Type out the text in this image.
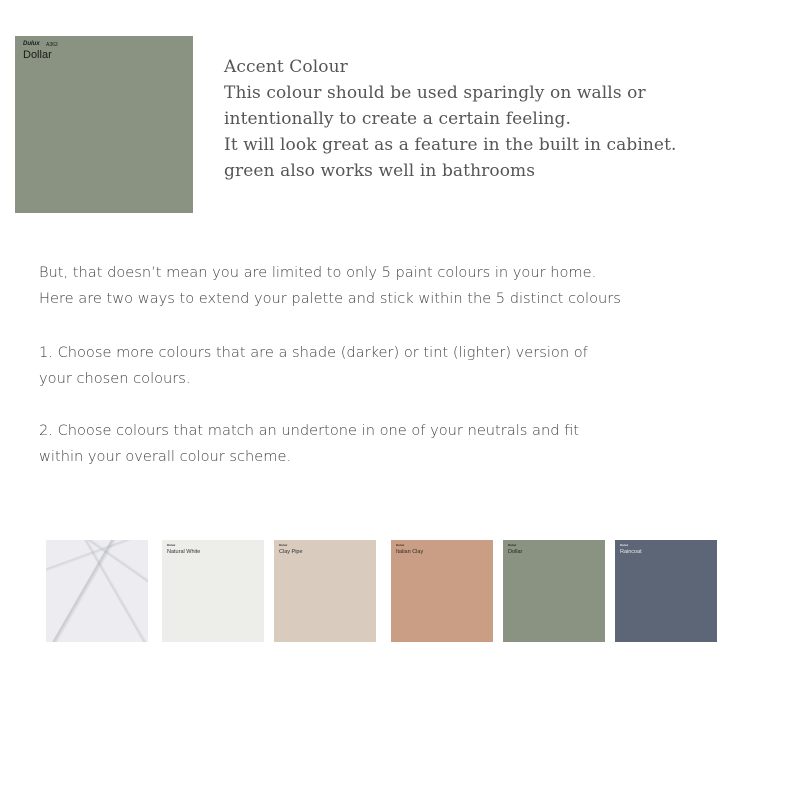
Dulux A363
Dollar
Accent Colour
This colour should be used sparingly on walls or
intentionally to create a certain feeling.
It will look great as a feature in the built in cabinet.
green also works well in bathrooms
But, that doesn’t mean you are limited to only 5 paint colours in your home.
Here are two ways to extend your palette and stick within the 5 distinct colours
1. Choose more colours that are a shade (darker) or tint (lighter) version of
your chosen colours.
2. Choose colours that match an undertone in one of your neutrals and fit
within your overall colour scheme.
Dulux
Natural White
Dulux
Clay Pipe
Dulux
Italian Clay
Dulux
Dollar
Dulux
Raincoat
